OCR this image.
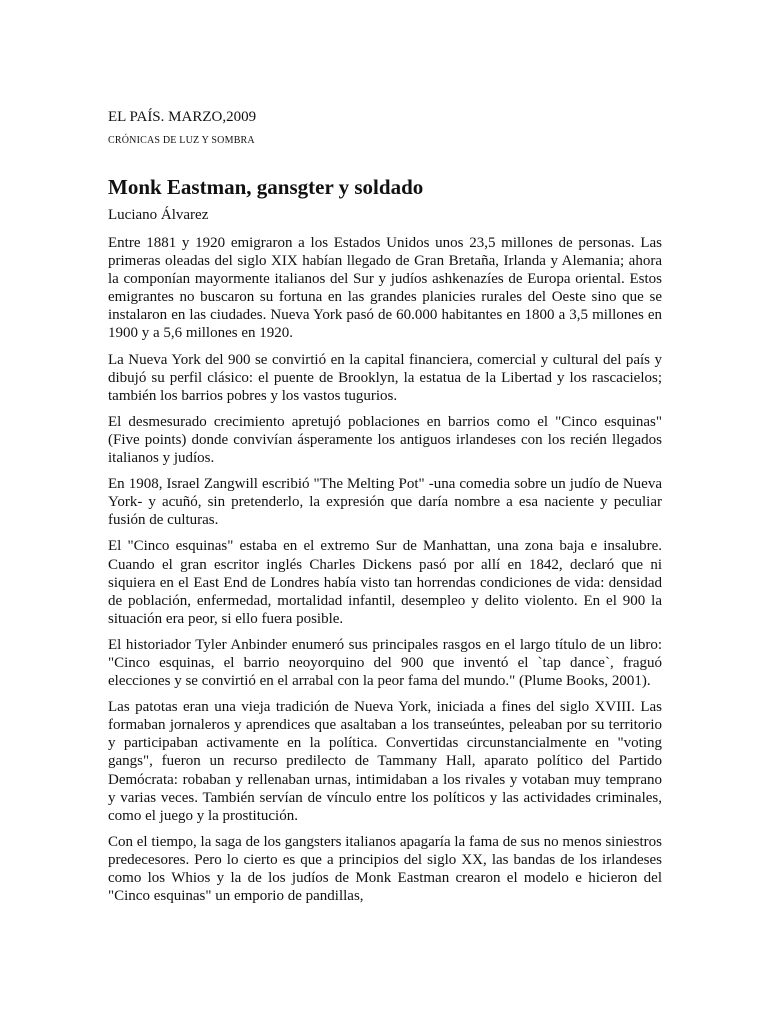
EL PAÍS. MARZO,2009

CRÓNICAS DE LUZ Y SOMBRA

Monk Eastman, gansgter y soldado

Luciano Álvarez

Entre 1881 y 1920 emigraron a los Estados Unidos unos 23,5 millones de personas. Las primeras oleadas del siglo XIX habían llegado de Gran Bretaña, Irlanda y Alemania; ahora la componían mayormente italianos del Sur y judíos ashkenazíes de Europa oriental. Estos emigrantes no buscaron su fortuna en las grandes planicies rurales del Oeste sino que se instalaron en las ciudades. Nueva York pasó de 60.000 habitantes en 1800 a 3,5 millones en 1900 y a 5,6 millones en 1920.

La Nueva York del 900 se convirtió en la capital financiera, comercial y cultural del país y dibujó su perfil clásico: el puente de Brooklyn, la estatua de la Libertad y los rascacielos; también los barrios pobres y los vastos tugurios.

El desmesurado crecimiento apretujó poblaciones en barrios como el "Cinco esquinas" (Five points) donde convivían ásperamente los antiguos irlandeses con los recién llegados italianos y judíos.

En 1908, Israel Zangwill escribió "The Melting Pot" -una comedia sobre un judío de Nueva York- y acuñó, sin pretenderlo, la expresión que daría nombre a esa naciente y peculiar fusión de culturas.

El "Cinco esquinas" estaba en el extremo Sur de Manhattan, una zona baja e insalubre. Cuando el gran escritor inglés Charles Dickens pasó por allí en 1842, declaró que ni siquiera en el East End de Londres había visto tan horrendas condiciones de vida: densidad de población, enfermedad, mortalidad infantil, desempleo y delito violento. En el 900 la situación era peor, si ello fuera posible.

El historiador Tyler Anbinder enumeró sus principales rasgos en el largo título de un libro: "Cinco esquinas, el barrio neoyorquino del 900 que inventó el `tap dance`, fraguó elecciones y se convirtió en el arrabal con la peor fama del mundo." (Plume Books, 2001).

Las patotas eran una vieja tradición de Nueva York, iniciada a fines del siglo XVIII. Las formaban jornaleros y aprendices que asaltaban a los transeúntes, peleaban por su territorio y participaban activamente en la política. Convertidas circunstancialmente en "voting gangs", fueron un recurso predilecto de Tammany Hall, aparato político del Partido Demócrata: robaban y rellenaban urnas, intimidaban a los rivales y votaban muy temprano y varias veces. También servían de vínculo entre los políticos y las actividades criminales, como el juego y la prostitución.

Con el tiempo, la saga de los gangsters italianos apagaría la fama de sus no menos siniestros predecesores. Pero lo cierto es que a principios del siglo XX, las bandas de los irlandeses como los Whios y la de los judíos de Monk Eastman crearon el modelo e hicieron del "Cinco esquinas" un emporio de pandillas,
